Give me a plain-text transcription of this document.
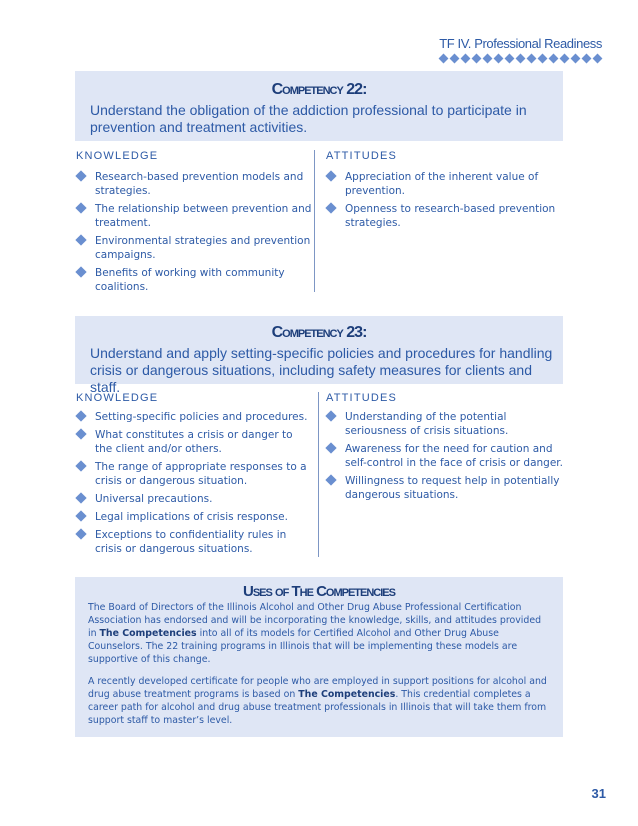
TF IV. Professional Readiness
Competency 22:
Understand the obligation of the addiction professional to participate in prevention and treatment activities.
KNOWLEDGE
Research-based prevention models and strategies.
The relationship between prevention and treatment.
Environmental strategies and prevention campaigns.
Benefits of working with community coalitions.
ATTITUDES
Appreciation of the inherent value of prevention.
Openness to research-based prevention strategies.
Competency 23:
Understand and apply setting-specific policies and procedures for handling crisis or dangerous situations, including safety measures for clients and staff.
KNOWLEDGE
Setting-specific policies and procedures.
What constitutes a crisis or danger to the client and/or others.
The range of appropriate responses to a crisis or dangerous situation.
Universal precautions.
Legal implications of crisis response.
Exceptions to confidentiality rules in crisis or dangerous situations.
ATTITUDES
Understanding of the potential seriousness of crisis situations.
Awareness for the need for caution and self-control in the face of crisis or danger.
Willingness to request help in potentially dangerous situations.
Uses of The Competencies

The Board of Directors of the Illinois Alcohol and Other Drug Abuse Professional Certification Association has endorsed and will be incorporating the knowledge, skills, and attitudes provided in The Competencies into all of its models for Certified Alcohol and Other Drug Abuse Counselors. The 22 training programs in Illinois that will be implementing these models are supportive of this change.

A recently developed certificate for people who are employed in support positions for alcohol and drug abuse treatment programs is based on The Competencies. This credential completes a career path for alcohol and drug abuse treatment professionals in Illinois that will take them from support staff to master’s level.

31
